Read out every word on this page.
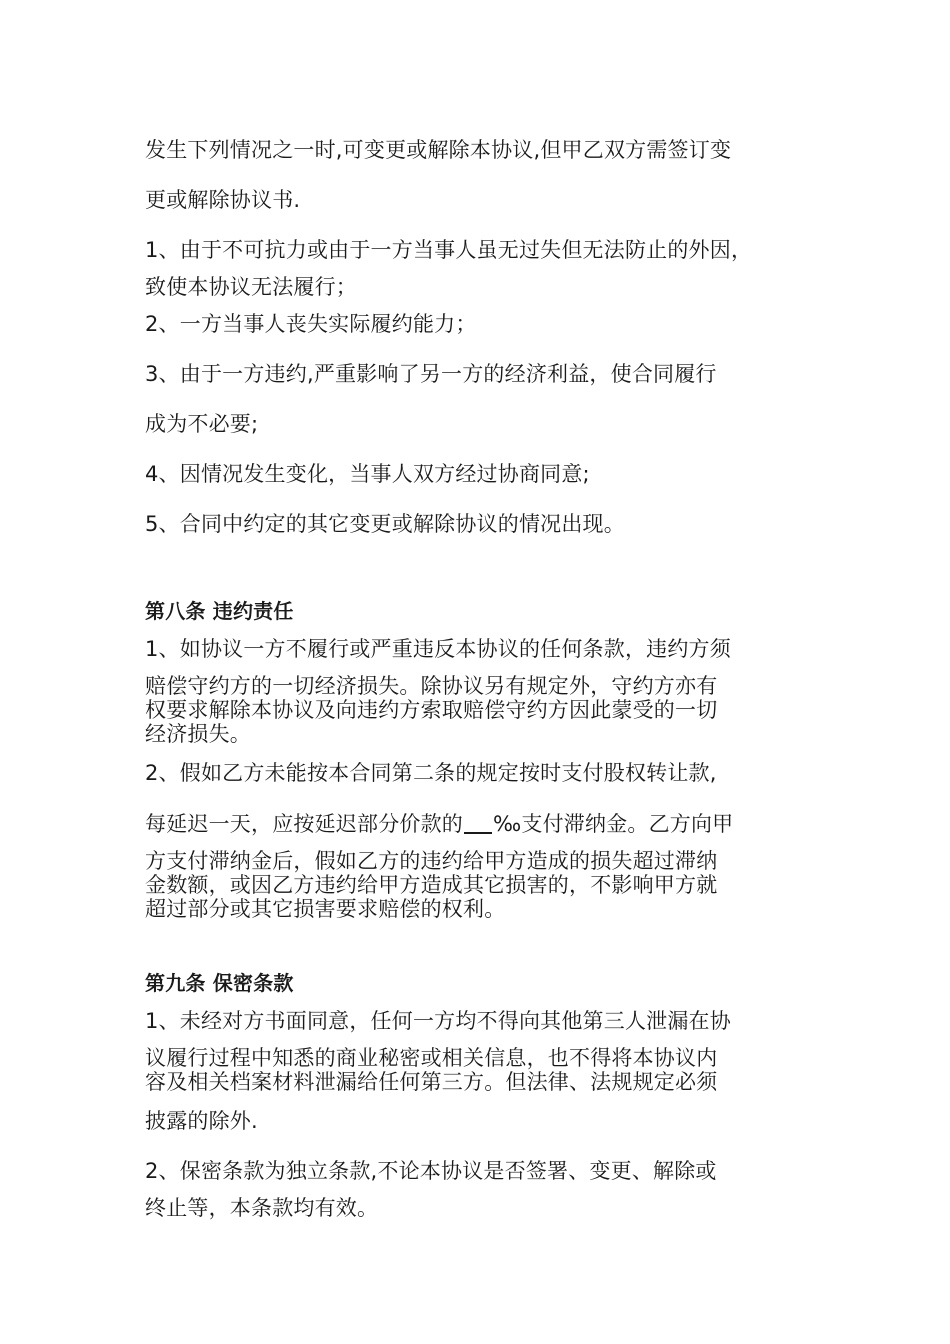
发生下列情况之一时,可变更或解除本协议,但甲乙双方需签订变

更或解除协议书.

1、由于不可抗力或由于一方当事人虽无过失但无法防止的外因，

致使本协议无法履行；

2、一方当事人丧失实际履约能力；

3、由于一方违约,严重影响了另一方的经济利益，使合同履行

成为不必要;

4、因情况发生变化，当事人双方经过协商同意;

5、合同中约定的其它变更或解除协议的情况出现。

第八条 违约责任

1、如协议一方不履行或严重违反本协议的任何条款，违约方须

赔偿守约方的一切经济损失。除协议另有规定外，守约方亦有

权要求解除本协议及向违约方索取赔偿守约方因此蒙受的一切

经济损失。

2、假如乙方未能按本合同第二条的规定按时支付股权转让款,

每延迟一天，应按延迟部分价款的 ‰支付滞纳金。乙方向甲

方支付滞纳金后，假如乙方的违约给甲方造成的损失超过滞纳

金数额，或因乙方违约给甲方造成其它损害的，不影响甲方就

超过部分或其它损害要求赔偿的权利。

第九条 保密条款

1、未经对方书面同意，任何一方均不得向其他第三人泄漏在协

议履行过程中知悉的商业秘密或相关信息，也不得将本协议内

容及相关档案材料泄漏给任何第三方。但法律、法规规定必须

披露的除外.

2、保密条款为独立条款,不论本协议是否签署、变更、解除或

终止等，本条款均有效。
